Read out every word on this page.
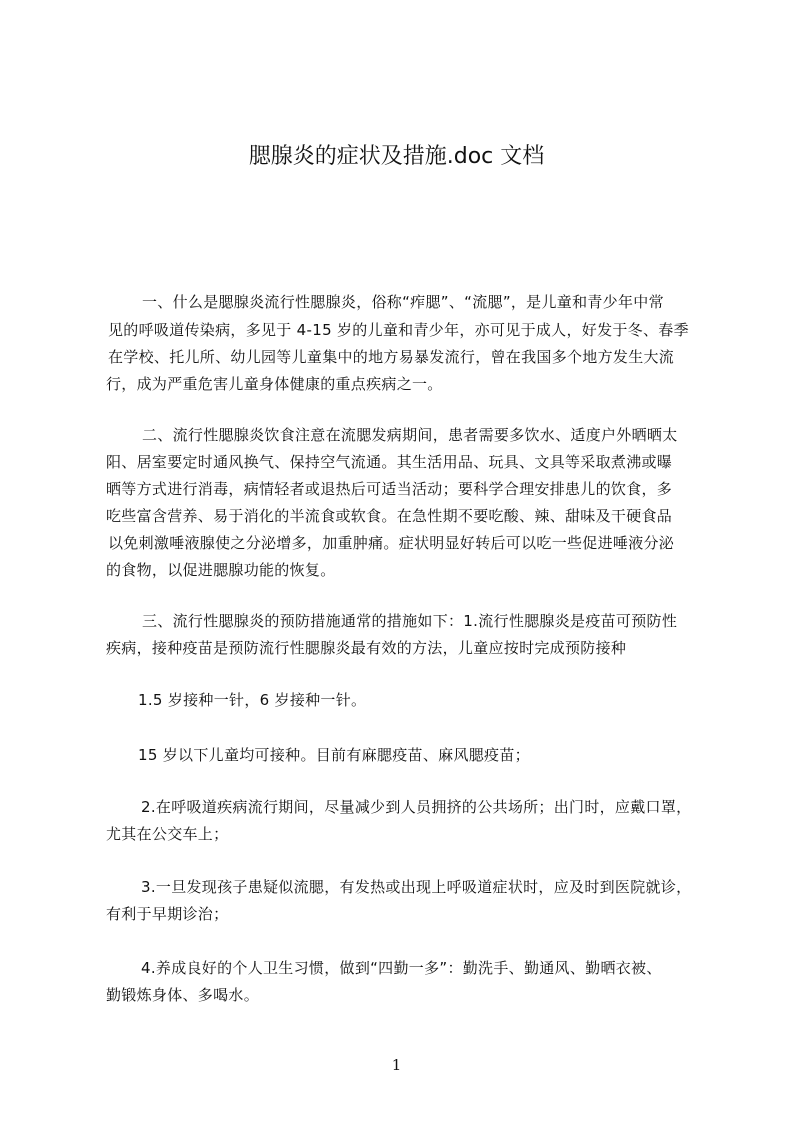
腮腺炎的症状及措施.doc 文档
一、什么是腮腺炎流行性腮腺炎，俗称“痄腮”、“流腮”，是儿童和青少年中常
见的呼吸道传染病，多见于 4-15 岁的儿童和青少年，亦可见于成人，好发于冬、春季
在学校、托儿所、幼儿园等儿童集中的地方易暴发流行，曾在我国多个地方发生大流
行，成为严重危害儿童身体健康的重点疾病之一。
二、流行性腮腺炎饮食注意在流腮发病期间，患者需要多饮水、适度户外晒晒太
阳、居室要定时通风换气、保持空气流通。其生活用品、玩具、文具等采取煮沸或曝
晒等方式进行消毒，病情轻者或退热后可适当活动；要科学合理安排患儿的饮食，多
吃些富含营养、易于消化的半流食或软食。在急性期不要吃酸、辣、甜味及干硬食品
以免刺激唾液腺使之分泌增多，加重肿痛。症状明显好转后可以吃一些促进唾液分泌
的食物，以促进腮腺功能的恢复。
三、流行性腮腺炎的预防措施通常的措施如下：1.流行性腮腺炎是疫苗可预防性
疾病，接种疫苗是预防流行性腮腺炎最有效的方法，儿童应按时完成预防接种
1.5 岁接种一针，6 岁接种一针。
15 岁以下儿童均可接种。目前有麻腮疫苗、麻风腮疫苗；
2.在呼吸道疾病流行期间，尽量减少到人员拥挤的公共场所；出门时，应戴口罩，
尤其在公交车上；
3.一旦发现孩子患疑似流腮，有发热或出现上呼吸道症状时，应及时到医院就诊，
有利于早期诊治；
4.养成良好的个人卫生习惯，做到“四勤一多”：勤洗手、勤通风、勤晒衣被、
勤锻炼身体、多喝水。
1
